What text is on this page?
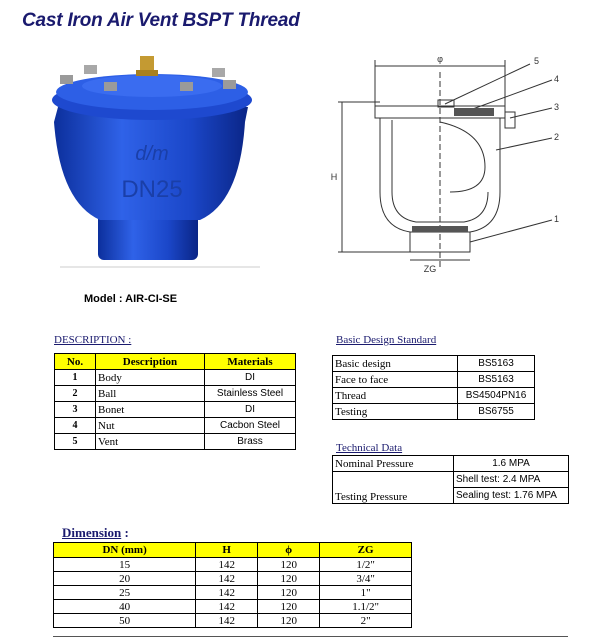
Cast Iron Air Vent BSPT Thread
d/m
DN25
Model : AIR-CI-SE
φ
H
ZG
5
4
3
2
1
DESCRIPTION :
No.	Description	Materials
1	Body	DI
2	Ball	Stainless Steel
3	Bonet	DI
4	Nut	Cacbon Steel
5	Vent	Brass
Basic Design Standard
Basic design	BS5163
Face to face	BS5163
Thread	BS4504PN16
Testing	BS6755
Technical Data
Nominal Pressure	1.6 MPA
Testing Pressure	Shell test: 2.4 MPA
	Sealing test: 1.76 MPA
Dimension :
DN (mm)	H	ϕ	ZG
15	142	120	1/2"
20	142	120	3/4"
25	142	120	1"
40	142	120	1.1/2"
50	142	120	2"
